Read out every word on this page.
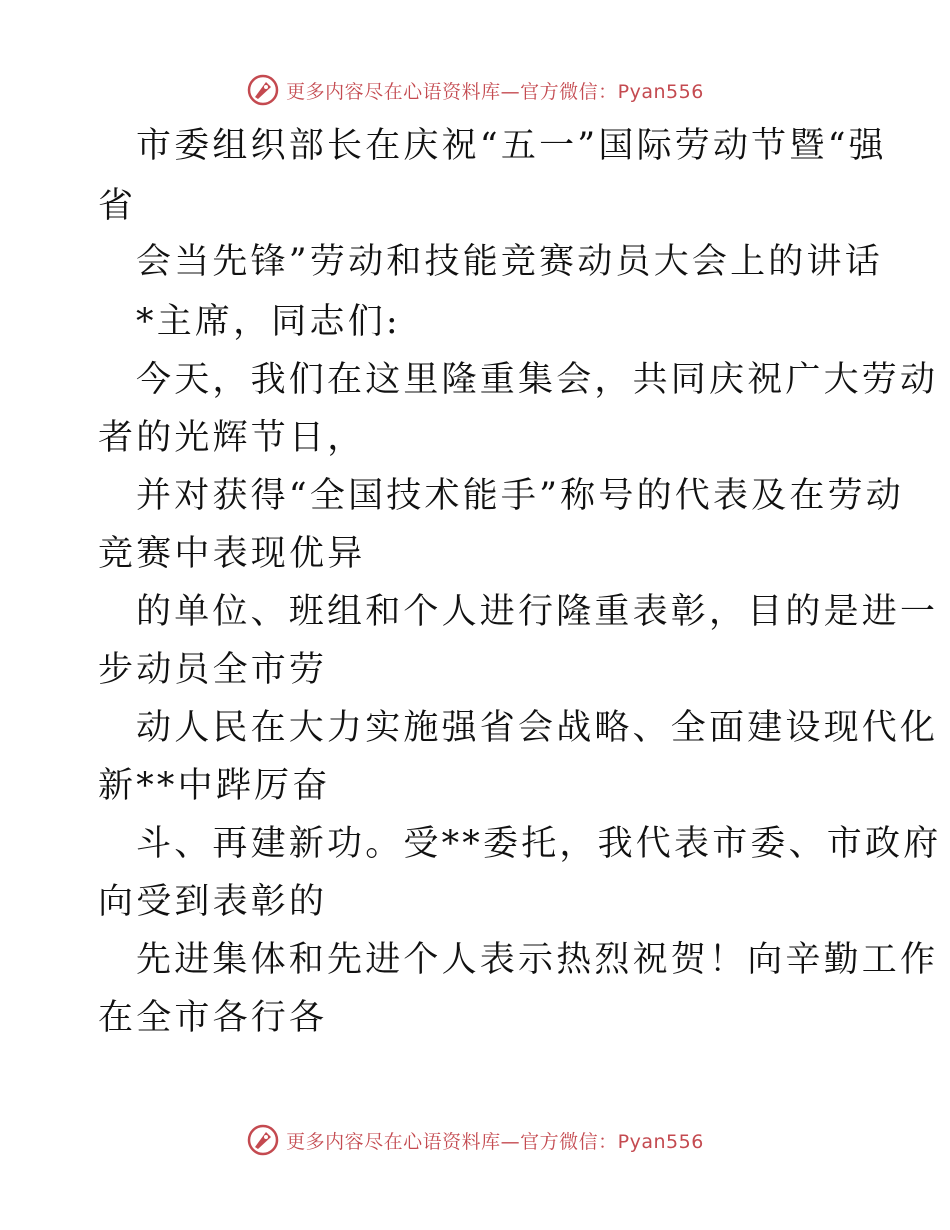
更多内容尽在心语资料库—官方微信：Pyan556
市委组织部长在庆祝“五一”国际劳动节暨“强
省
会当先锋”劳动和技能竞赛动员大会上的讲话
*主席，同志们:
今天，我们在这里隆重集会，共同庆祝广大劳动
者的光辉节日，
并对获得“全国技术能手”称号的代表及在劳动
竞赛中表现优异
的单位、班组和个人进行隆重表彰，目的是进一
步动员全市劳
动人民在大力实施强省会战略、全面建设现代化
新**中跸厉奋
斗、再建新功。受**委托，我代表市委、市政府
向受到表彰的
先进集体和先进个人表示热烈祝贺！向辛勤工作
在全市各行各
更多内容尽在心语资料库—官方微信：Pyan556
